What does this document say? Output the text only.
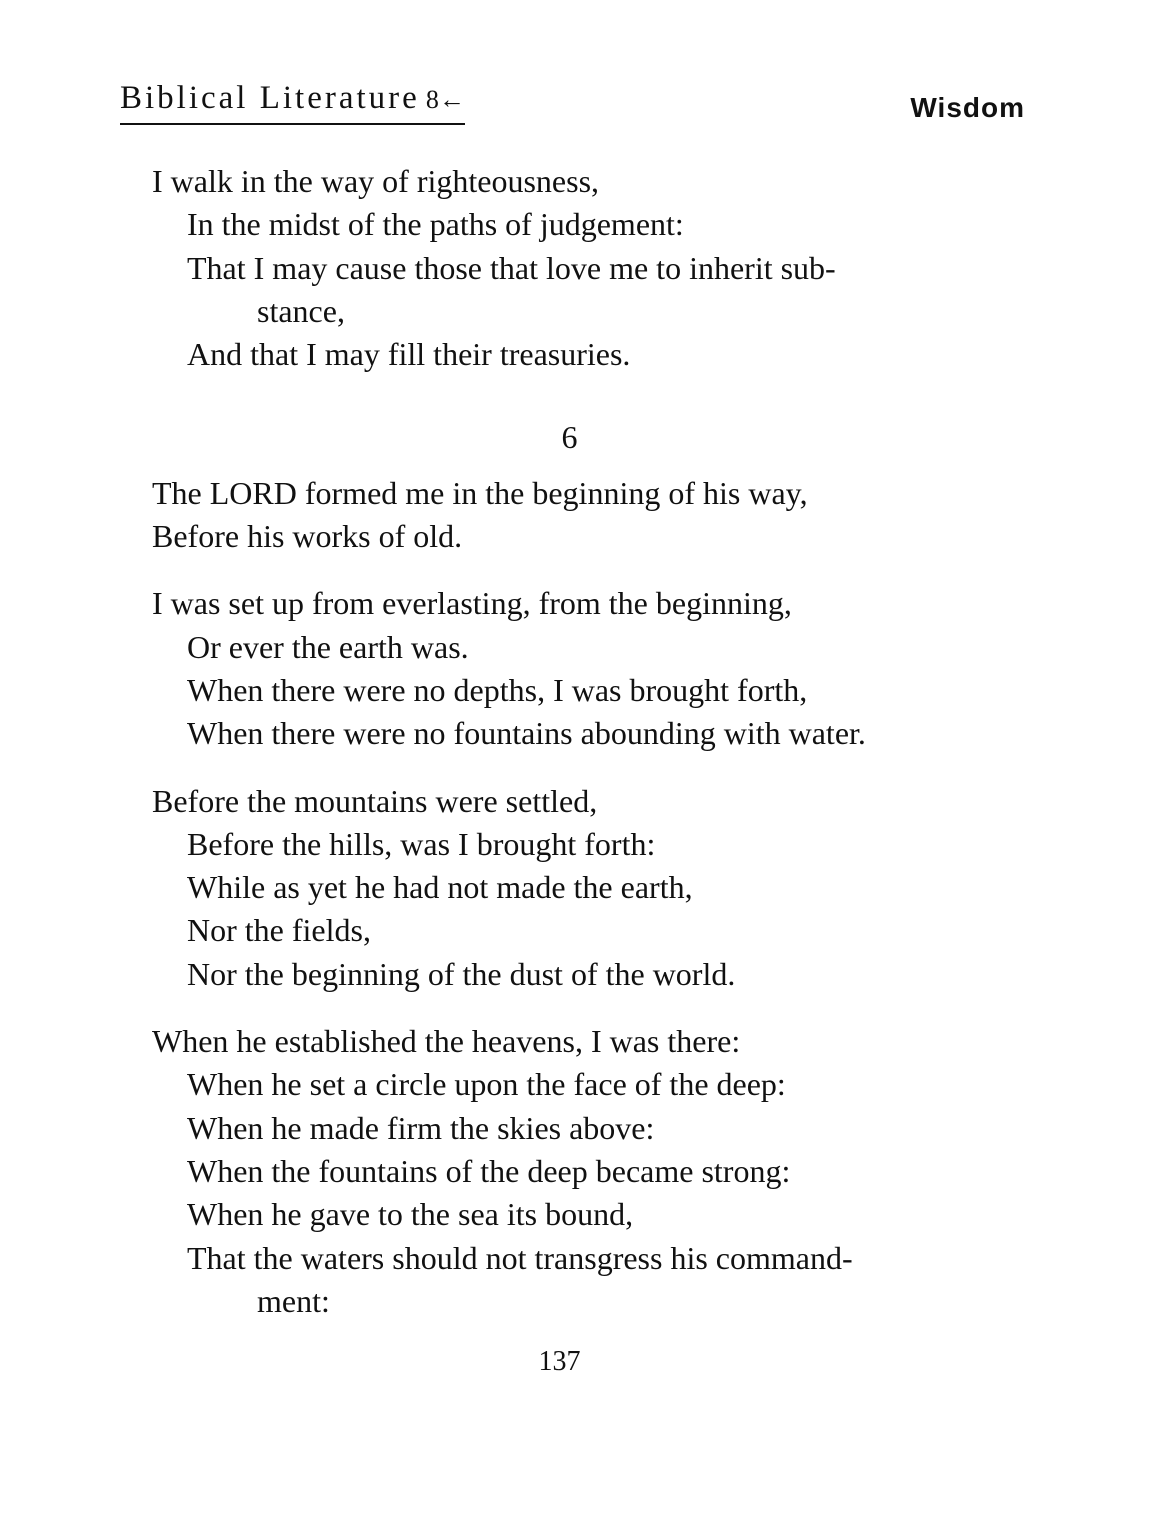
Biblical Literature 8←	Wisdom
I walk in the way of righteousness,
In the midst of the paths of judgement:
That I may cause those that love me to inherit sub-
stance,
And that I may fill their treasuries.
6
The LORD formed me in the beginning of his way,
Before his works of old.
I was set up from everlasting, from the beginning,
Or ever the earth was.
When there were no depths, I was brought forth,
When there were no fountains abounding with water.
Before the mountains were settled,
Before the hills, was I brought forth:
While as yet he had not made the earth,
Nor the fields,
Nor the beginning of the dust of the world.
When he established the heavens, I was there:
When he set a circle upon the face of the deep:
When he made firm the skies above:
When the fountains of the deep became strong:
When he gave to the sea its bound,
That the waters should not transgress his command-
ment:
137
